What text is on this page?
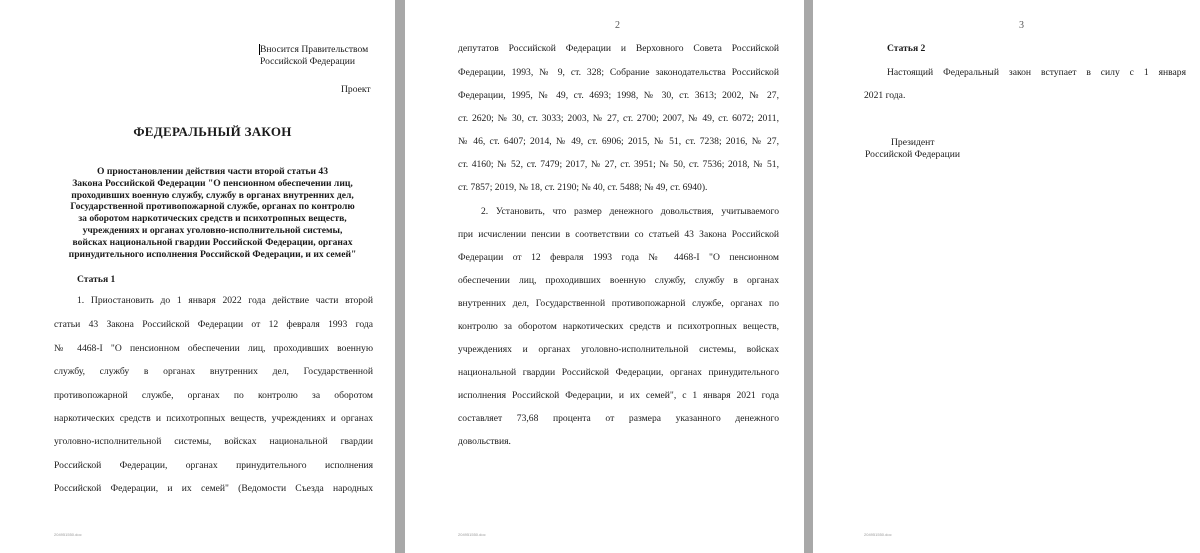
Вносится Правительством
Российской Федерации
Проект
ФЕДЕРАЛЬНЫЙ ЗАКОН
О приостановлении действия части второй статьи 43
Закона Российской Федерации "О пенсионном обеспечении лиц,
проходивших военную службу, службу в органах внутренних дел,
Государственной противопожарной службе, органах по контролю
за оборотом наркотических средств и психотропных веществ,
учреждениях и органах уголовно-исполнительной системы,
войсках национальной гвардии Российской Федерации, органах
принудительного исполнения Российской Федерации, и их семей"
Статья 1
1. Приостановить до 1 января 2022 года действие части второй
статьи 43 Закона Российской Федерации от 12 февраля 1993 года
№ 4468-I "О пенсионном обеспечении лиц, проходивших военную
службу, службу в органах внутренних дел, Государственной
противопожарной службе, органах по контролю за оборотом
наркотических средств и психотропных веществ, учреждениях и органах
уголовно-исполнительной системы, войсках национальной гвардии
Российской Федерации, органах принудительного исполнения
Российской Федерации, и их семей" (Ведомости Съезда народных
204951550.doc
2
депутатов Российской Федерации и Верховного Совета Российской
Федерации, 1993, № 9, ст. 328; Собрание законодательства Российской
Федерации, 1995, № 49, ст. 4693; 1998, № 30, ст. 3613; 2002, № 27,
ст. 2620; № 30, ст. 3033; 2003, № 27, ст. 2700; 2007, № 49, ст. 6072; 2011,
№ 46, ст. 6407; 2014, № 49, ст. 6906; 2015, № 51, ст. 7238; 2016, № 27,
ст. 4160; № 52, ст. 7479; 2017, № 27, ст. 3951; № 50, ст. 7536; 2018, № 51,
ст. 7857; 2019, № 18, ст. 2190; № 40, ст. 5488; № 49, ст. 6940).
2. Установить, что размер денежного довольствия, учитываемого
при исчислении пенсии в соответствии со статьей 43 Закона Российской
Федерации от 12 февраля 1993 года № 4468-I "О пенсионном
обеспечении лиц, проходивших военную службу, службу в органах
внутренних дел, Государственной противопожарной службе, органах по
контролю за оборотом наркотических средств и психотропных веществ,
учреждениях и органах уголовно-исполнительной системы, войсках
национальной гвардии Российской Федерации, органах принудительного
исполнения Российской Федерации, и их семей", с 1 января 2021 года
составляет 73,68 процента от размера указанного денежного
довольствия.
204951550.doc
3
Статья 2
Настоящий Федеральный закон вступает в силу с 1 января
2021 года.
Президент
Российской Федерации
204951550.doc
